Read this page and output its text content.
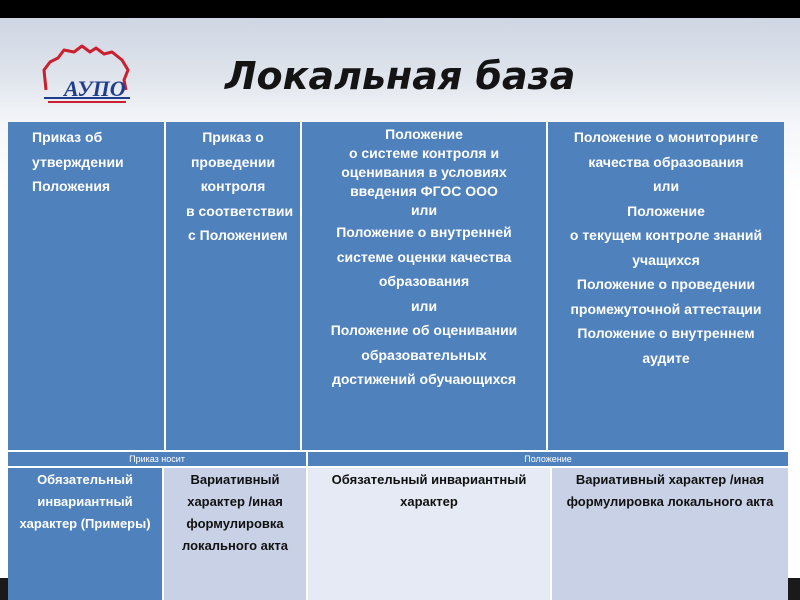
АУПО	Локальная база
Приказ об
утверждении
Положения
Приказ о
проведении
контроля
в соответствии
с Положением
Положение
о системе контроля и
оценивания в условиях
введения ФГОС ООО
или
Положение о внутренней
системе оценки качества
образования
или
Положение об оценивании
образовательных
достижений обучающихся
Положение о мониторинге
качества образования
или
Положение
о текущем контроле знаний
учащихся
Положение о проведении
промежуточной аттестации
Положение о внутреннем
аудите
Приказ носит	Положение
Обязательный
инвариантный
характер (Примеры)
Вариативный
характер /иная
формулировка
локального акта
Обязательный инвариантный
характер
Вариативный характер /иная
формулировка локального акта
